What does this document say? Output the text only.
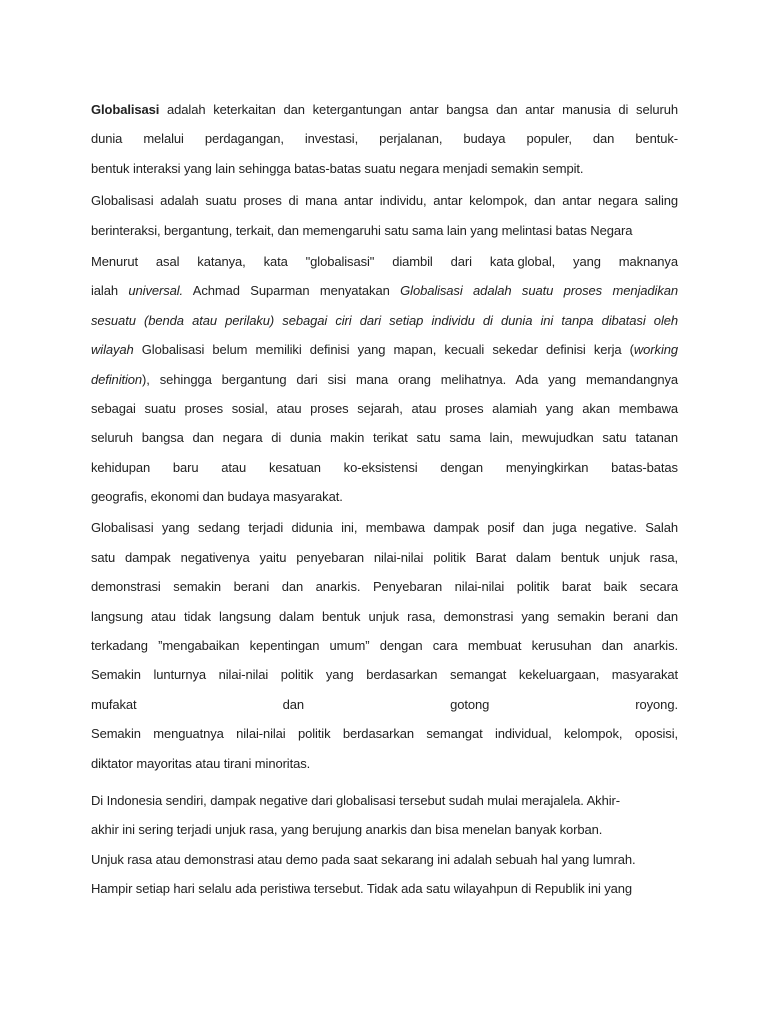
Globalisasi adalah keterkaitan dan ketergantungan antar bangsa dan antar manusia di seluruh
dunia melalui perdagangan, investasi, perjalanan, budaya populer, dan bentuk-
bentuk interaksi yang lain sehingga batas-batas suatu negara menjadi semakin sempit.
Globalisasi adalah suatu proses di mana antar individu, antar kelompok, dan antar negara saling
berinteraksi, bergantung, terkait, dan memengaruhi satu sama lain yang melintasi batas Negara
Menurut asal katanya, kata "globalisasi" diambil dari kata global, yang maknanya
ialah universal. Achmad Suparman menyatakan Globalisasi adalah suatu proses menjadikan
sesuatu (benda atau perilaku) sebagai ciri dari setiap individu di dunia ini tanpa dibatasi oleh
wilayah Globalisasi belum memiliki definisi yang mapan, kecuali sekedar definisi kerja (working
definition), sehingga bergantung dari sisi mana orang melihatnya. Ada yang memandangnya
sebagai suatu proses sosial, atau proses sejarah, atau proses alamiah yang akan membawa
seluruh bangsa dan negara di dunia makin terikat satu sama lain, mewujudkan satu tatanan
kehidupan baru atau kesatuan ko-eksistensi dengan menyingkirkan batas-batas
geografis, ekonomi dan budaya masyarakat.
Globalisasi yang sedang terjadi didunia ini, membawa dampak posif dan juga negative. Salah
satu dampak negativenya yaitu penyebaran nilai-nilai politik Barat dalam bentuk unjuk rasa,
demonstrasi semakin berani dan anarkis. Penyebaran nilai-nilai politik barat baik secara
langsung atau tidak langsung dalam bentuk unjuk rasa, demonstrasi yang semakin berani dan
terkadang ”mengabaikan kepentingan umum” dengan cara membuat kerusuhan dan anarkis.
Semakin lunturnya nilai-nilai politik yang berdasarkan semangat kekeluargaan, masyarakat
mufakat	dan	gotong	royong.
Semakin menguatnya nilai-nilai politik berdasarkan semangat individual, kelompok, oposisi,
diktator mayoritas atau tirani minoritas.
Di Indonesia sendiri, dampak negative dari globalisasi tersebut sudah mulai merajalela. Akhir-
akhir ini sering terjadi unjuk rasa, yang berujung anarkis dan bisa menelan banyak korban.
Unjuk rasa atau demonstrasi atau demo pada saat sekarang ini adalah sebuah hal yang lumrah.
Hampir setiap hari selalu ada peristiwa tersebut. Tidak ada satu wilayahpun di Republik ini yang
